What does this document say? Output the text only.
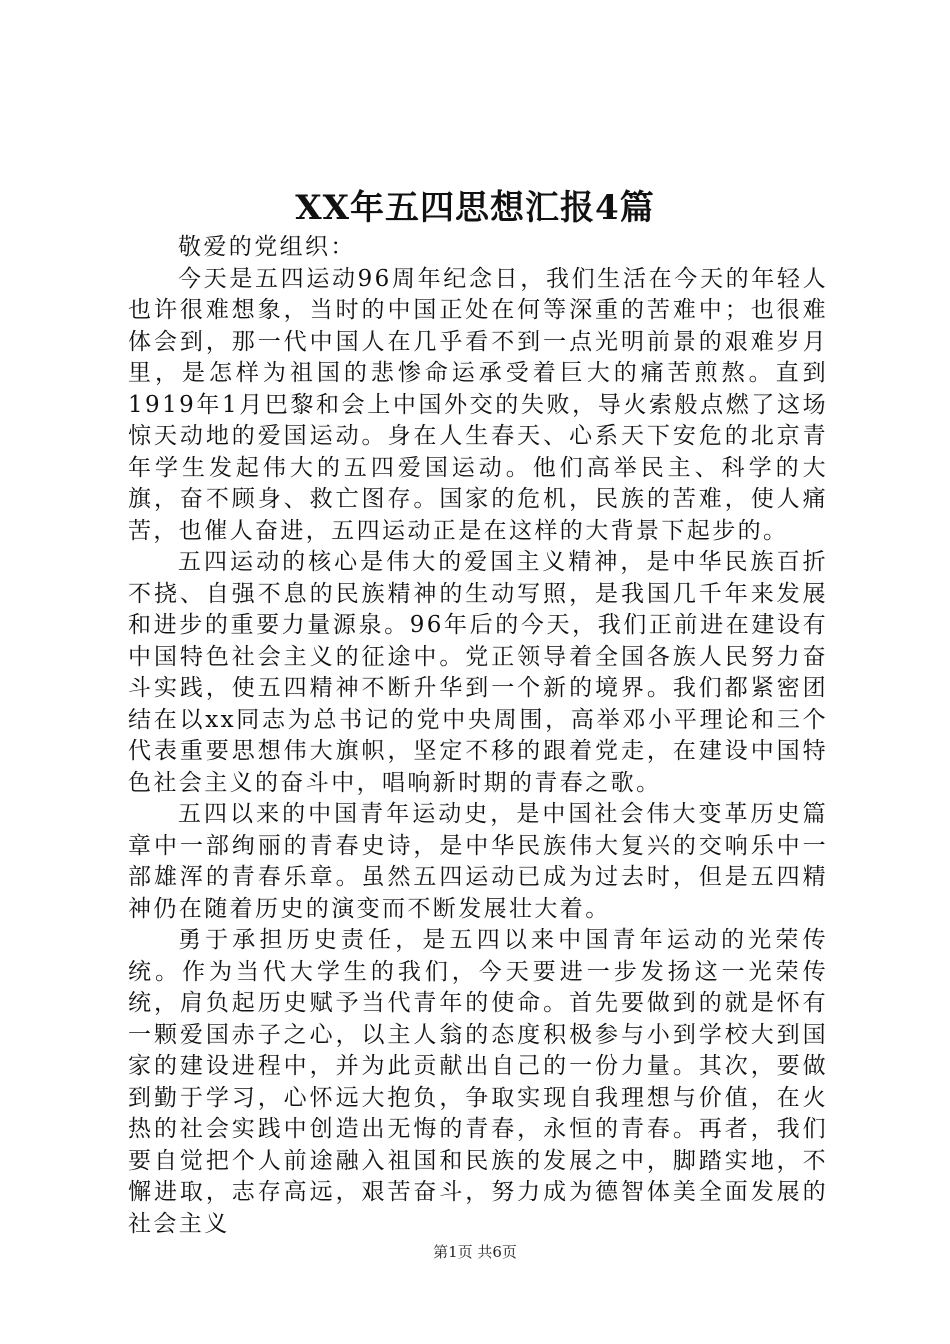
XX年五四思想汇报4篇

敬爱的党组织：

今天是五四运动96周年纪念日，我们生活在今天的年轻人也许很难想象，当时的中国正处在何等深重的苦难中；也很难体会到，那一代中国人在几乎看不到一点光明前景的艰难岁月里，是怎样为祖国的悲惨命运承受着巨大的痛苦煎熬。直到1919年1月巴黎和会上中国外交的失败，导火索般点燃了这场惊天动地的爱国运动。身在人生春天、心系天下安危的北京青年学生发起伟大的五四爱国运动。他们高举民主、科学的大旗，奋不顾身、救亡图存。国家的危机，民族的苦难，使人痛苦，也催人奋进，五四运动正是在这样的大背景下起步的。

五四运动的核心是伟大的爱国主义精神，是中华民族百折不挠、自强不息的民族精神的生动写照，是我国几千年来发展和进步的重要力量源泉。96年后的今天，我们正前进在建设有中国特色社会主义的征途中。党正领导着全国各族人民努力奋斗实践，使五四精神不断升华到一个新的境界。我们都紧密团结在以xx同志为总书记的党中央周围，高举邓小平理论和三个代表重要思想伟大旗帜，坚定不移的跟着党走，在建设中国特色社会主义的奋斗中，唱响新时期的青春之歌。

五四以来的中国青年运动史，是中国社会伟大变革历史篇章中一部绚丽的青春史诗，是中华民族伟大复兴的交响乐中一部雄浑的青春乐章。虽然五四运动已成为过去时，但是五四精神仍在随着历史的演变而不断发展壮大着。

勇于承担历史责任，是五四以来中国青年运动的光荣传统。作为当代大学生的我们，今天要进一步发扬这一光荣传统，肩负起历史赋予当代青年的使命。首先要做到的就是怀有一颗爱国赤子之心，以主人翁的态度积极参与小到学校大到国家的建设进程中，并为此贡献出自己的一份力量。其次，要做到勤于学习，心怀远大抱负，争取实现自我理想与价值，在火热的社会实践中创造出无悔的青春，永恒的青春。再者，我们要自觉把个人前途融入祖国和民族的发展之中，脚踏实地，不懈进取，志存高远，艰苦奋斗，努力成为德智体美全面发展的社会主义

第1页 共6页
